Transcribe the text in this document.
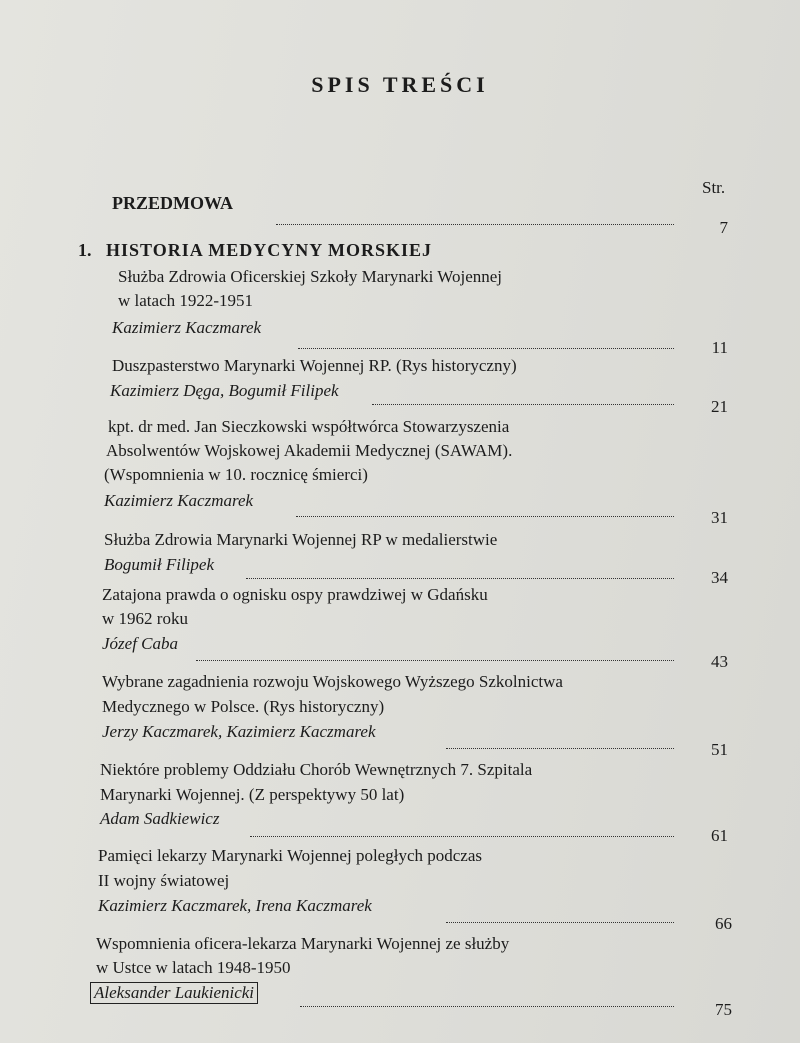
SPIS TREŚCI
Str.
PRZEDMOWA
7
1. HISTORIA MEDYCYNY MORSKIEJ
Służba Zdrowia Oficerskiej Szkoły Marynarki Wojennej
w latach 1922-1951
Kazimierz Kaczmarek
11
Duszpasterstwo Marynarki Wojennej RP. (Rys historyczny)
Kazimierz Dęga, Bogumił Filipek
21
kpt. dr med. Jan Sieczkowski współtwórca Stowarzyszenia
Absolwentów Wojskowej Akademii Medycznej (SAWAM).
(Wspomnienia w 10. rocznicę śmierci)
Kazimierz Kaczmarek
31
Służba Zdrowia Marynarki Wojennej RP w medalierstwie
Bogumił Filipek
34
Zatajona prawda o ognisku ospy prawdziwej w Gdańsku
w 1962 roku
Józef Caba
43
Wybrane zagadnienia rozwoju Wojskowego Wyższego Szkolnictwa
Medycznego w Polsce. (Rys historyczny)
Jerzy Kaczmarek, Kazimierz Kaczmarek
51
Niektóre problemy Oddziału Chorób Wewnętrznych 7. Szpitala
Marynarki Wojennej. (Z perspektywy 50 lat)
Adam Sadkiewicz
61
Pamięci lekarzy Marynarki Wojennej poległych podczas
II wojny światowej
Kazimierz Kaczmarek, Irena Kaczmarek
66
Wspomnienia oficera-lekarza Marynarki Wojennej ze służby
w Ustce w latach 1948-1950
Aleksander Laukienicki
75
